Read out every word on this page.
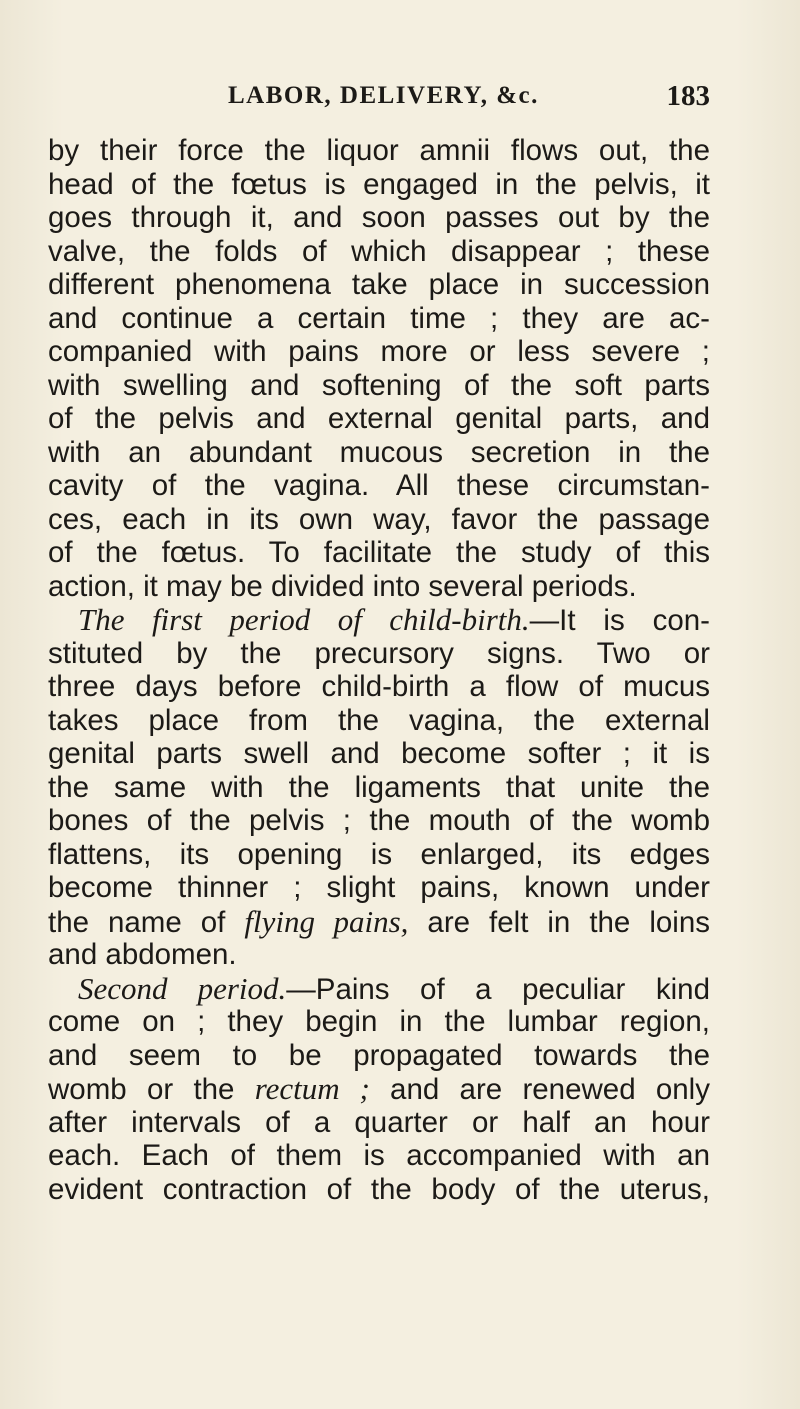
LABOR, DELIVERY, &c.	183
by their force the liquor amnii flows out, the
head of the fœtus is engaged in the pelvis, it
goes through it, and soon passes out by the
valve, the folds of which disappear ; these
different phenomena take place in succession
and continue a certain time ; they are ac-
companied with pains more or less severe ;
with swelling and softening of the soft parts
of the pelvis and external genital parts, and
with an abundant mucous secretion in the
cavity of the vagina. All these circumstan-
ces, each in its own way, favor the passage
of the fœtus. To facilitate the study of this
action, it may be divided into several periods.
The first period of child-birth.—It is con-
stituted by the precursory signs. Two or
three days before child-birth a flow of mucus
takes place from the vagina, the external
genital parts swell and become softer ; it is
the same with the ligaments that unite the
bones of the pelvis ; the mouth of the womb
flattens, its opening is enlarged, its edges
become thinner ; slight pains, known under
the name of flying pains, are felt in the loins
and abdomen.
Second period.—Pains of a peculiar kind
come on ; they begin in the lumbar region,
and seem to be propagated towards the
womb or the rectum ; and are renewed only
after intervals of a quarter or half an hour
each. Each of them is accompanied with an
evident contraction of the body of the uterus,
